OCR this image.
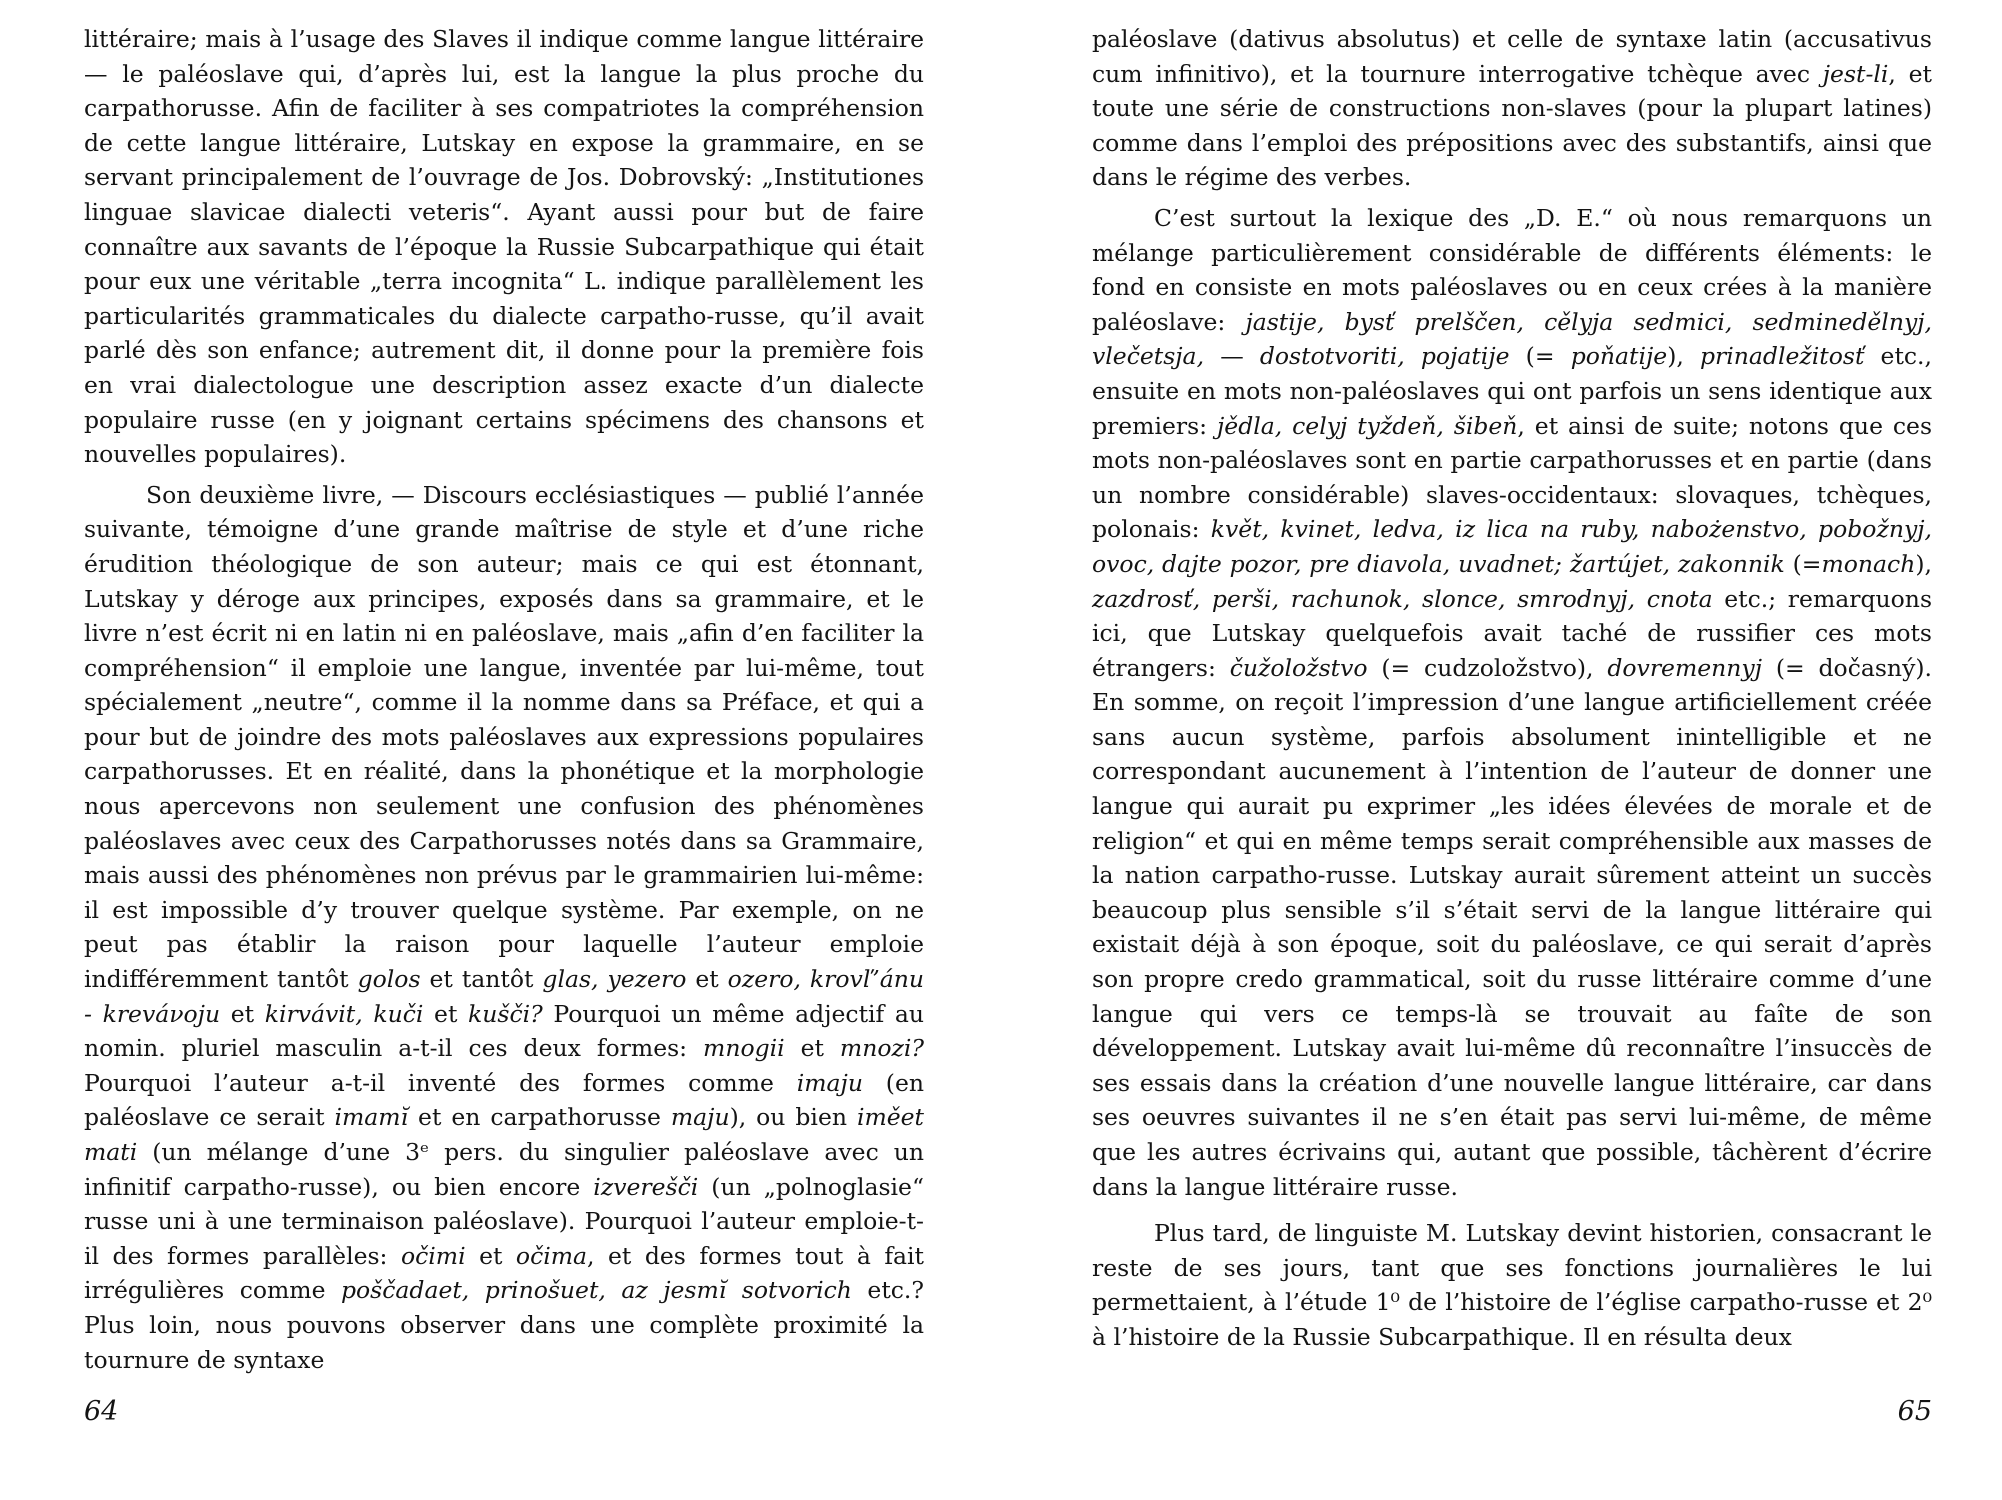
littéraire; mais à l’usage des Slaves il indique comme langue littéraire — le paléoslave qui, d’après lui, est la langue la plus proche du carpathorusse. Afin de faciliter à ses compatriotes la compréhension de cette langue littéraire, Lutskay en expose la grammaire, en se servant principalement de l’ouvrage de Jos. Dobrovský: „Institutiones linguae slavicae dialecti veteris“. Ayant aussi pour but de faire connaître aux savants de l’époque la Russie Subcarpathique qui était pour eux une véritable „terra incognita“ L. indique parallèlement les particularités grammaticales du dialecte carpatho-russe, qu’il avait parlé dès son enfance; autrement dit, il donne pour la première fois en vrai dialectologue une description assez exacte d’un dialecte populaire russe (en y joignant certains spécimens des chansons et nouvelles populaires).

Son deuxième livre, — Discours ecclésiastiques — publié l’année suivante, témoigne d’une grande maîtrise de style et d’une riche érudition théologique de son auteur; mais ce qui est étonnant, Lutskay y déroge aux principes, exposés dans sa grammaire, et le livre n’est écrit ni en latin ni en paléoslave, mais „afin d’en faciliter la compréhension“ il emploie une langue, inventée par lui-même, tout spécialement „neutre“, comme il la nomme dans sa Préface, et qui a pour but de joindre des mots paléoslaves aux expressions populaires carpathorusses. Et en réalité, dans la phonétique et la morphologie nous apercevons non seulement une confusion des phénomènes paléoslaves avec ceux des Carpathorusses notés dans sa Grammaire, mais aussi des phénomènes non prévus par le grammairien lui-même: il est impossible d’y trouver quelque système. Par exemple, on ne peut pas établir la raison pour laquelle l’auteur emploie indifféremment tantôt golos et tantôt glas, yezero et ozero, krovľ’ánu - kreváνoju et kirvávit, kuči et kušči? Pourquoi un même adjectif au nomin. pluriel masculin a-t-il ces deux formes: mnogii et mnozi? Pourquoi l’auteur a-t-il inventé des formes comme imaju (en paléoslave ce serait imamĭ et en carpathorusse maju), ou bien iměet mati (un mélange d’une 3ᵉ pers. du singulier paléoslave avec un infinitif carpatho-russe), ou bien encore izverešči (un „polnoglasie“ russe uni à une terminaison paléoslave). Pourquoi l’auteur emploie-t-il des formes parallèles: očimi et očima, et des formes tout à fait irrégulières comme poščadaet, prinošuet, az jesmĭ sotvorich etc.? Plus loin, nous pouvons observer dans une complète proximité la tournure de syntaxe

64

paléoslave (dativus absolutus) et celle de syntaxe latin (accusativus cum infinitivo), et la tournure interrogative tchèque avec jest-li, et toute une série de constructions non-slaves (pour la plupart latines) comme dans l’emploi des prépositions avec des substantifs, ainsi que dans le régime des verbes.

C’est surtout la lexique des „D. E.“ où nous remarquons un mélange particulièrement considérable de différents éléments: le fond en consiste en mots paléoslaves ou en ceux crées à la manière paléoslave: jastije, bysť prelščen, cělyja sedmici, sedminedělnyj, vlečetsja, — dostotvoriti, pojatije (= poňatije), prinadležitosť etc., ensuite en mots non-paléoslaves qui ont parfois un sens identique aux premiers: jědla, celyj tyždeň, šibeň, et ainsi de suite; notons que ces mots non-paléoslaves sont en partie carpathorusses et en partie (dans un nombre considérable) slaves-occidentaux: slovaques, tchèques, polonais: květ, kvinet, ledva, iz lica na ruby, nabożenstvo, pobožnyj, ovoc, dajte pozor, pre diavola, uvadnet; žartújet, zakonnik (=monach), zazdrosť, perši, rachunok, slonce, smrodnyj, cnota etc.; remarquons ici, que Lutskay quelquefois avait taché de russifier ces mots étrangers: čužoložstvo (= cudzoložstvo), dovremennyj (= dočasný). En somme, on reçoit l’impression d’une langue artificiellement créée sans aucun système, parfois absolument inintelligible et ne correspondant aucunement à l’intention de l’auteur de donner une langue qui aurait pu exprimer „les idées élevées de morale et de religion“ et qui en même temps serait compréhensible aux masses de la nation carpatho-russe. Lutskay aurait sûrement atteint un succès beaucoup plus sensible s’il s’était servi de la langue littéraire qui existait déjà à son époque, soit du paléoslave, ce qui serait d’après son propre credo grammatical, soit du russe littéraire comme d’une langue qui vers ce temps-là se trouvait au faîte de son développement. Lutskay avait lui-même dû reconnaître l’insuccès de ses essais dans la création d’une nouvelle langue littéraire, car dans ses oeuvres suivantes il ne s’en était pas servi lui-même, de même que les autres écrivains qui, autant que possible, tâchèrent d’écrire dans la langue littéraire russe.

Plus tard, de linguiste M. Lutskay devint historien, consacrant le reste de ses jours, tant que ses fonctions journalières le lui permettaient, à l’étude 1⁰ de l’histoire de l’église carpatho-russe et 2⁰ à l’histoire de la Russie Subcarpathique. Il en résulta deux

65
